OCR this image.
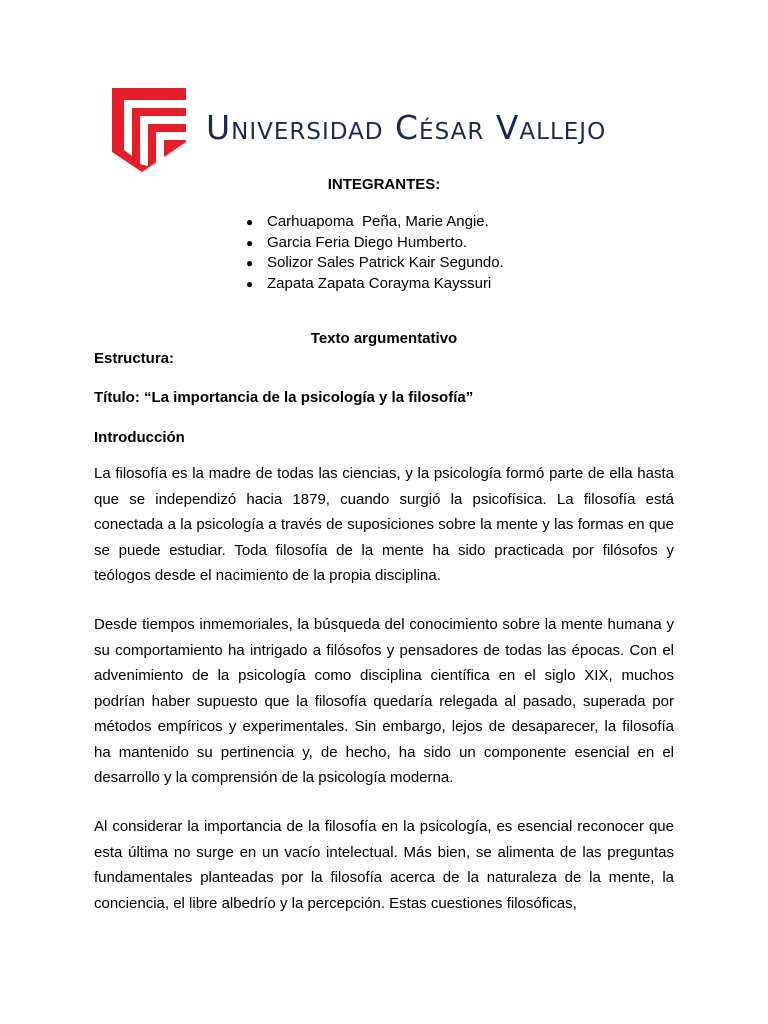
Universidad César Vallejo
INTEGRANTES:
● Carhuapoma  Peña, Marie Angie.
● Garcia Feria Diego Humberto.
● Solizor Sales Patrick Kair Segundo.
● Zapata Zapata Corayma Kayssuri
Texto argumentativo
Estructura:
Título: “La importancia de la psicología y la filosofía”
Introducción

La filosofía es la madre de todas las ciencias, y la psicología formó parte de ella hasta que se independizó hacia 1879, cuando surgió la psicofísica. La filosofía está conectada a la psicología a través de suposiciones sobre la mente y las formas en que se puede estudiar. Toda filosofía de la mente ha sido practicada por filósofos y teólogos desde el nacimiento de la propia disciplina.

Desde tiempos inmemoriales, la búsqueda del conocimiento sobre la mente humana y su comportamiento ha intrigado a filósofos y pensadores de todas las épocas. Con el advenimiento de la psicología como disciplina científica en el siglo XIX, muchos podrían haber supuesto que la filosofía quedaría relegada al pasado, superada por métodos empíricos y experimentales. Sin embargo, lejos de desaparecer, la filosofía ha mantenido su pertinencia y, de hecho, ha sido un componente esencial en el desarrollo y la comprensión de la psicología moderna.

Al considerar la importancia de la filosofía en la psicología, es esencial reconocer que esta última no surge en un vacío intelectual. Más bien, se alimenta de las preguntas fundamentales planteadas por la filosofía acerca de la naturaleza de la mente, la conciencia, el libre albedrío y la percepción. Estas cuestiones filosóficas,
